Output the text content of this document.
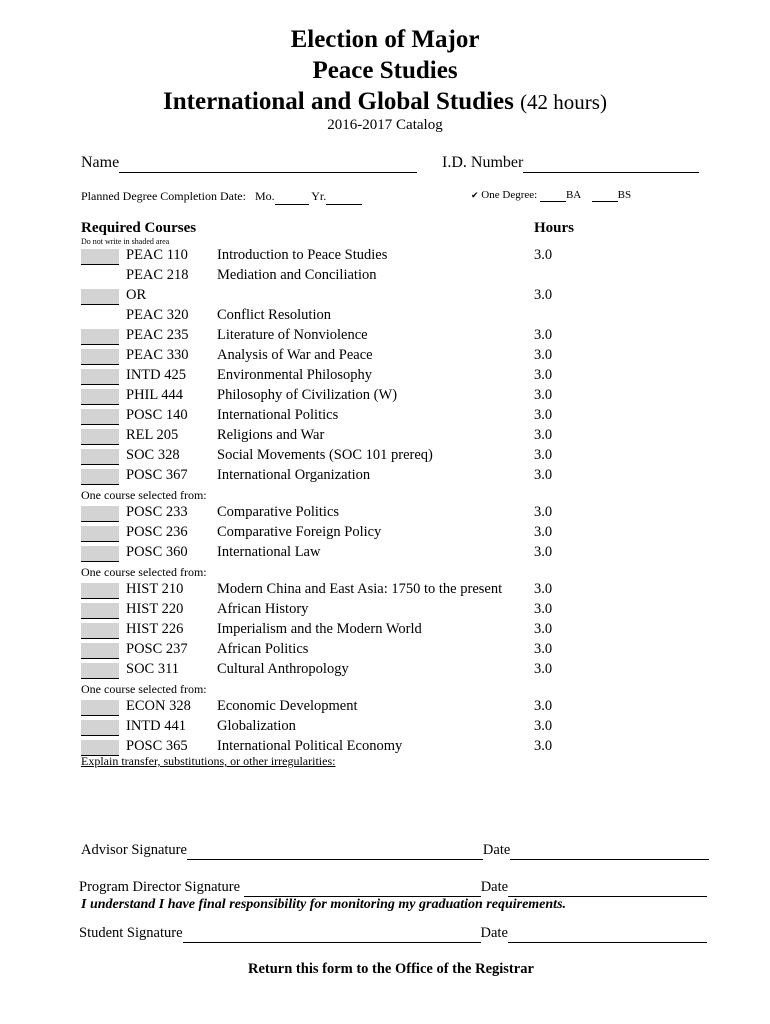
Election of Major
Peace Studies
International and Global Studies (42 hours)
2016-2017 Catalog
Name	I.D. Number
Planned Degree Completion Date: Mo.	Yr.	✔ One Degree:  BA	BS
Required Courses
Do not write in shaded area
Hours
PEAC 110 Introduction to Peace Studies	3.0
PEAC 218 Mediation and Conciliation
OR	3.0
PEAC 320 Conflict Resolution
PEAC 235 Literature of Nonviolence	3.0
PEAC 330 Analysis of War and Peace	3.0
INTD 425 Environmental Philosophy	3.0
PHIL 444 Philosophy of Civilization (W)	3.0
POSC 140 International Politics	3.0
REL 205	Religions and War	3.0
SOC 328	Social Movements (SOC 101 prereq)	3.0
POSC 367 International Organization	3.0
One course selected from:
POSC 233 Comparative Politics	3.0
POSC 236 Comparative Foreign Policy	3.0
POSC 360 International Law	3.0
One course selected from:
HIST 210 Modern China and East Asia: 1750 to the present 3.0
HIST 220 African History	3.0
HIST 226 Imperialism and the Modern World	3.0
POSC 237 African Politics	3.0
SOC 311	Cultural Anthropology	3.0
One course selected from:
ECON 328 Economic Development	3.0
INTD 441 Globalization	3.0
POSC 365 International Political Economy	3.0
Explain transfer, substitutions, or other irregularities:
Advisor Signature	Date
Program Director Signature	Date
I understand I have final responsibility for monitoring my graduation requirements.
Student Signature	Date
Return this form to the Office of the Registrar
